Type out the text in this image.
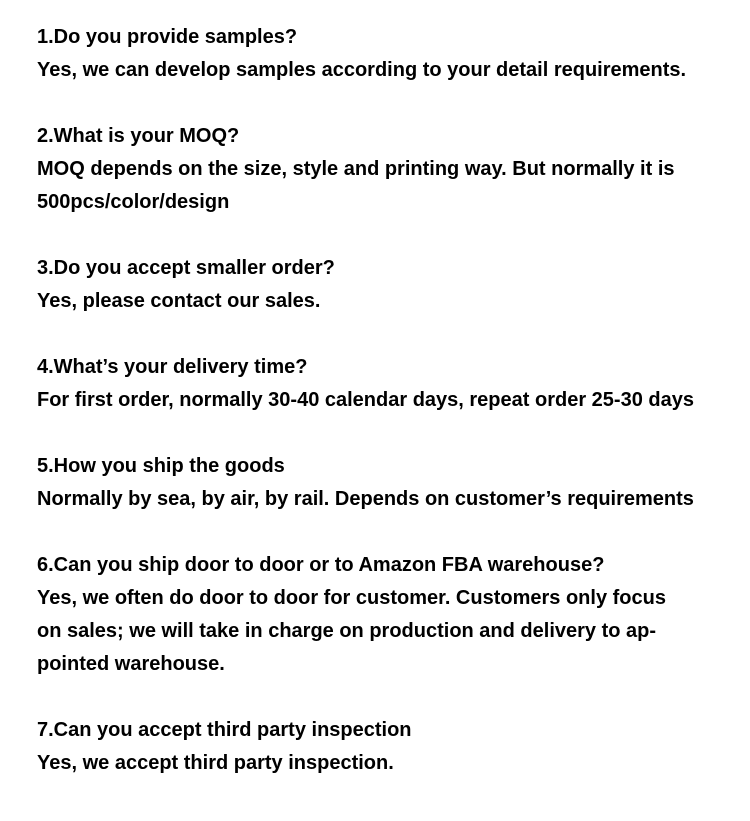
1.Do you provide samples?
Yes, we can develop samples according to your detail requirements.
2.What is your MOQ?
MOQ depends on the size, style and printing way. But normally it is
500pcs/color/design
3.Do you accept smaller order?
Yes, please contact our sales.
4.What’s your delivery time?
For first order, normally 30-40 calendar days, repeat order 25-30 days
5.How you ship the goods
Normally by sea, by air, by rail. Depends on customer’s requirements
6.Can you ship door to door or to Amazon FBA warehouse?
Yes, we often do door to door for customer. Customers only focus
on sales; we will take in charge on production and delivery to ap-
pointed warehouse.
7.Can you accept third party inspection
Yes, we accept third party inspection.
